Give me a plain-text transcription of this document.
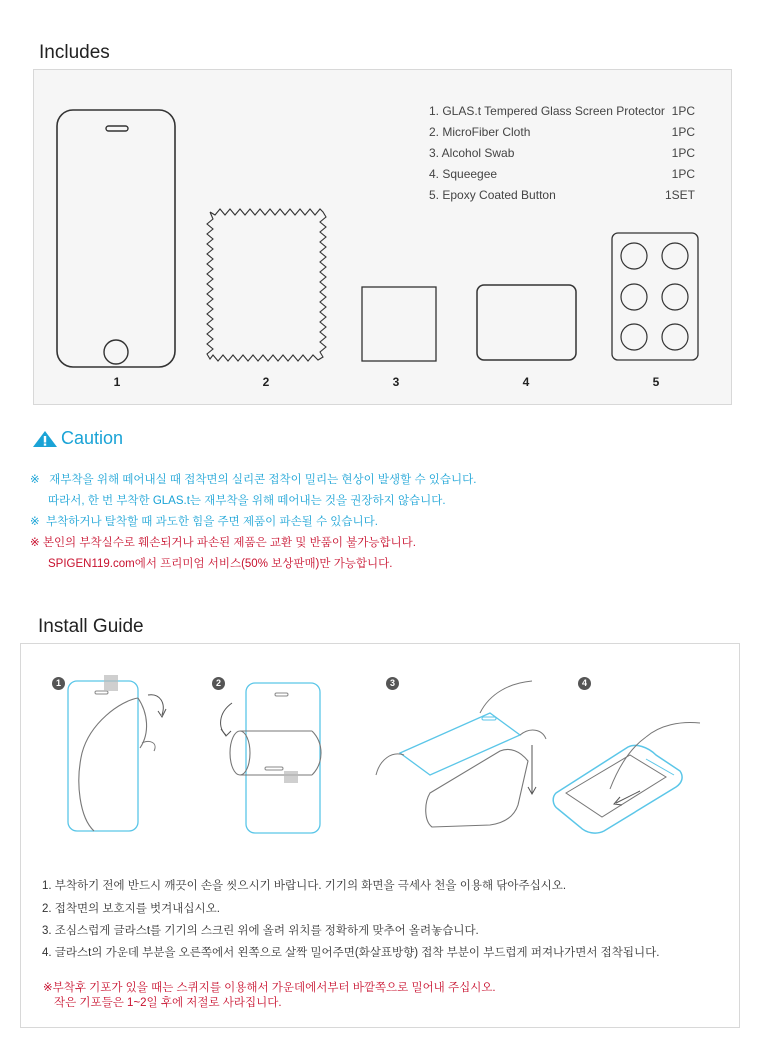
Includes
1. GLAS.t Tempered Glass Screen Protector 1PC
2. MicroFiber Cloth	1PC
3. Alcohol Swab	1PC
4. Squeegee	1PC
5. Epoxy Coated Button	1SET
1	2	3	4	5
Caution
※ 재부착을 위해 떼어내실 때 접착면의 실리콘 접착이 밀리는 현상이 발생할 수 있습니다.
따라서, 한 번 부착한 GLAS.t는 재부착을 위해 떼어내는 것을 권장하지 않습니다.
※ 부착하거나 탈착할 때 과도한 힘을 주면 제품이 파손될 수 있습니다.
※ 본인의 부착실수로 훼손되거나 파손된 제품은 교환 및 반품이 불가능합니다.
SPIGEN119.com에서 프리미엄 서비스(50% 보상판매)만 가능합니다.
Install Guide
1	2	3	4
1. 부착하기 전에 반드시 깨끗이 손을 씻으시기 바랍니다. 기기의 화면을 극세사 천을 이용해 닦아주십시오.
2. 접착면의 보호지를 벗겨내십시오.
3. 조심스럽게 글라스t를 기기의 스크린 위에 올려 위치를 정확하게 맞추어 올려놓습니다.
4. 글라스t의 가운데 부분을 오른쪽에서 왼쪽으로 살짝 밀어주면(화살표방향) 접착 부분이 부드럽게 퍼져나가면서 접착됩니다.
※부착후 기포가 있을 때는 스퀴지를 이용해서 가운데에서부터 바깥쪽으로 밀어내 주십시오.
작은 기포들은 1~2일 후에 저절로 사라집니다.
